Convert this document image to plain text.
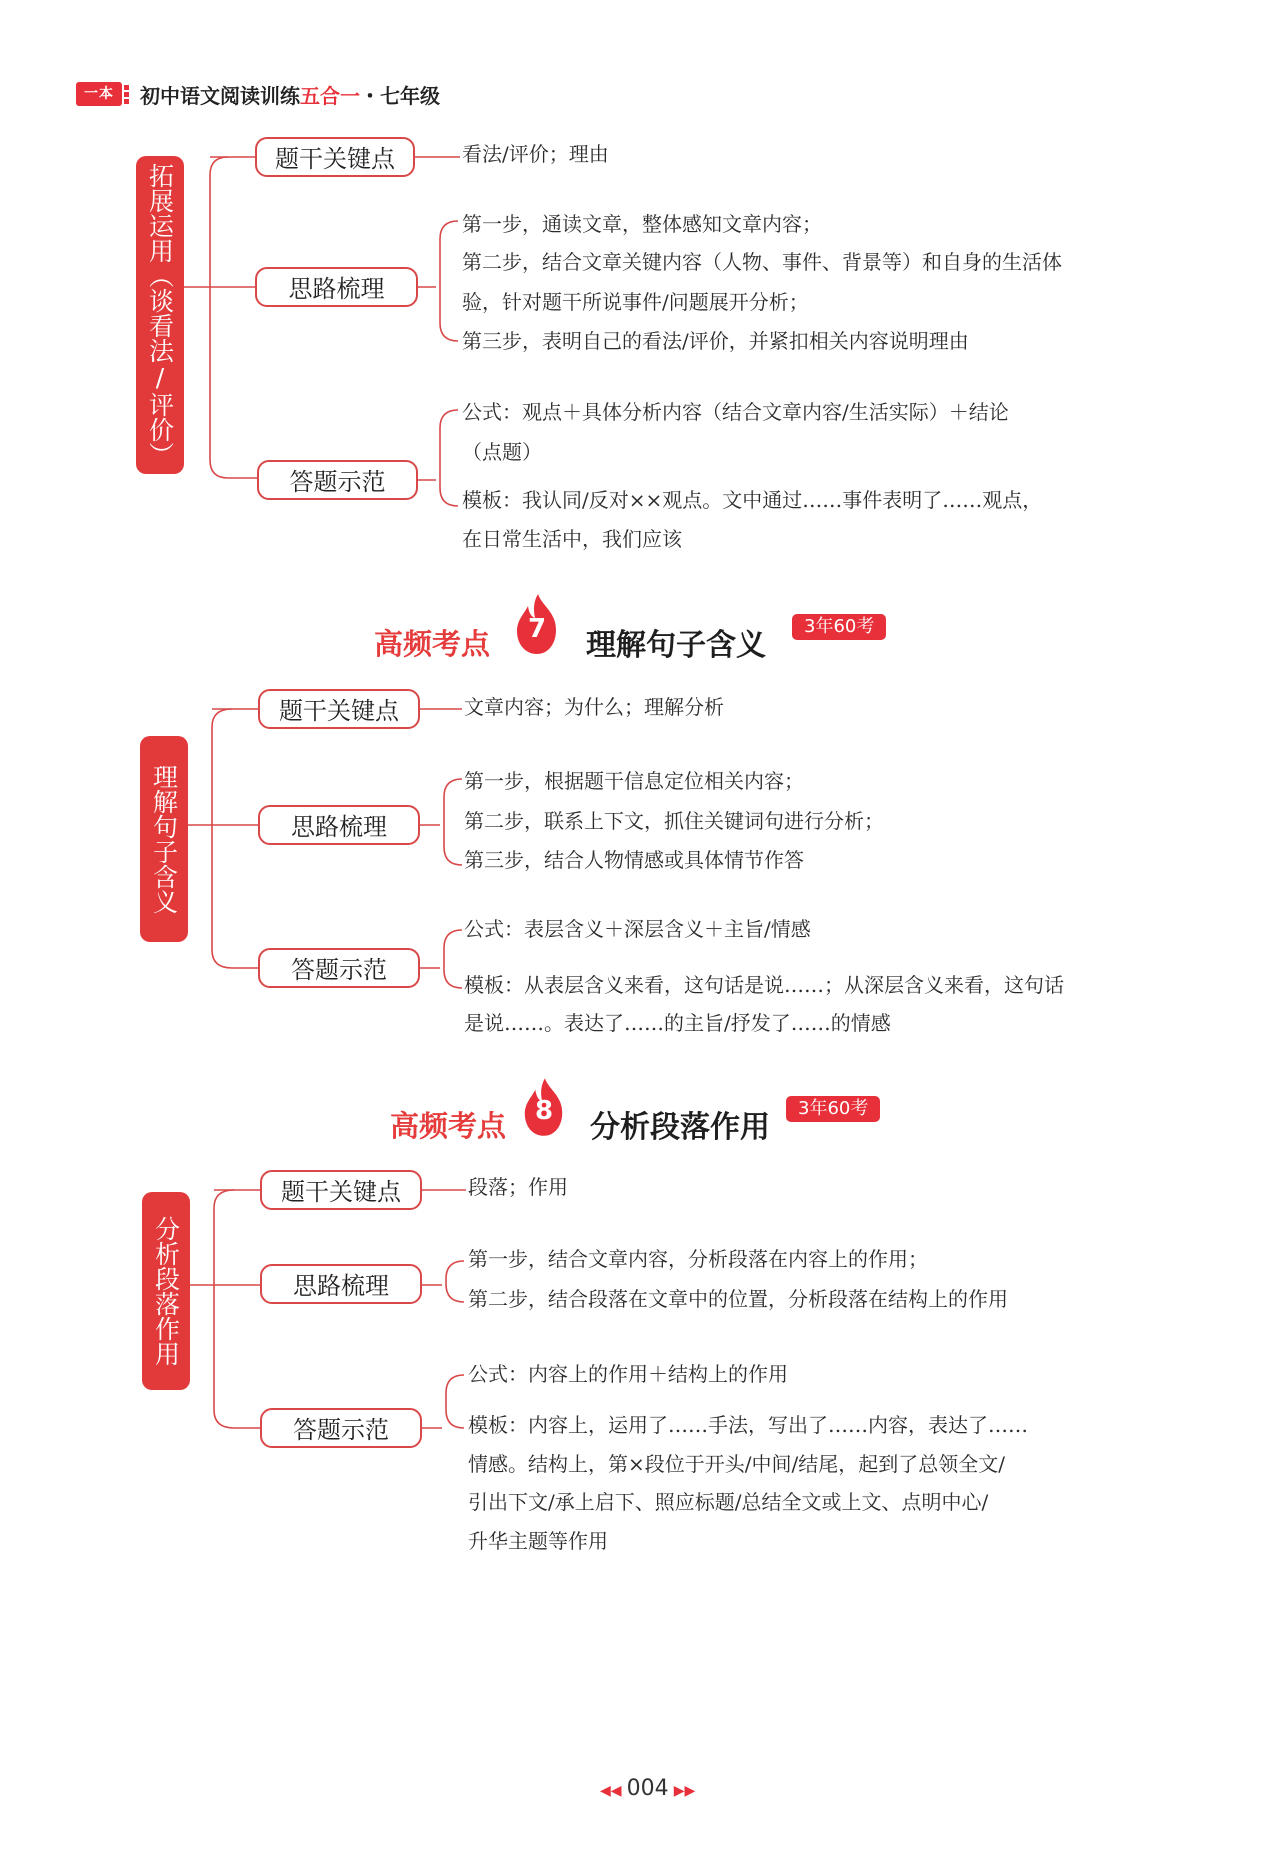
一本	初中语文阅读训练五合一・七年级
拓展运用（谈看法/评价）
题干关键点	看法/评价；理由
思路梳理
第一步，通读文章，整体感知文章内容；
第二步，结合文章关键内容（人物、事件、背景等）和自身的生活体
验，针对题干所说事件/问题展开分析；
第三步，表明自己的看法/评价，并紧扣相关内容说明理由
答题示范
公式：观点＋具体分析内容（结合文章内容/生活实际）＋结论
（点题）
模板：我认同/反对××观点。文中通过……事件表明了……观点，
在日常生活中，我们应该
高频考点	7	理解句子含义
3年60考
理解句子含义
题干关键点	文章内容；为什么；理解分析
思路梳理
第一步，根据题干信息定位相关内容；
第二步，联系上下文，抓住关键词句进行分析；
第三步，结合人物情感或具体情节作答
答题示范
公式：表层含义＋深层含义＋主旨/情感
模板：从表层含义来看，这句话是说……；从深层含义来看，这句话
是说……。表达了……的主旨/抒发了……的情感
高频考点	8	分析段落作用
3年60考
分析段落作用
题干关键点	段落；作用
思路梳理
第一步，结合文章内容，分析段落在内容上的作用；
第二步，结合段落在文章中的位置，分析段落在结构上的作用
答题示范
公式：内容上的作用＋结构上的作用
模板：内容上，运用了……手法，写出了……内容，表达了……
情感。结构上，第×段位于开头/中间/结尾，起到了总领全文/
引出下文/承上启下、照应标题/总结全文或上文、点明中心/
升华主题等作用
◀◀ 004 ▶▶
